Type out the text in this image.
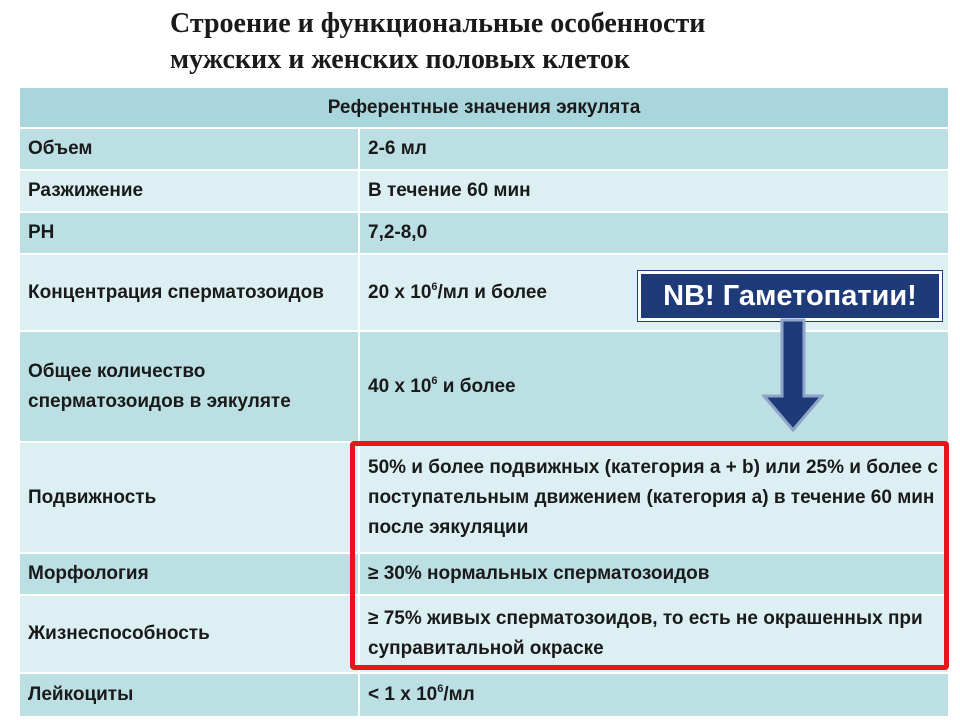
Строение и функциональные особенности
мужских и женских половых клеток
Референтные значения эякулята	
Объем	2-6 мл
Разжижение	В течение 60 мин
PH	7,2-8,0
Концентрация сперматозоидов	20 х $10^6/мл$ и более
Общее количество сперматозоидов в эякуляте	40 х $10^6$ и более
Подвижность	50% и более подвижных (категория а + b) или 25% и более с поступательным движением (категория а) в течение 60 мин после эякуляции
Морфология	≥ 30% нормальных сперматозоидов
Жизнеспособность	≥ 75% живых сперматозоидов, то есть не окрашенных при суправитальной окраске
Лейкоциты	< 1 х $10^6/мл$
NB! Гаметопатии!
